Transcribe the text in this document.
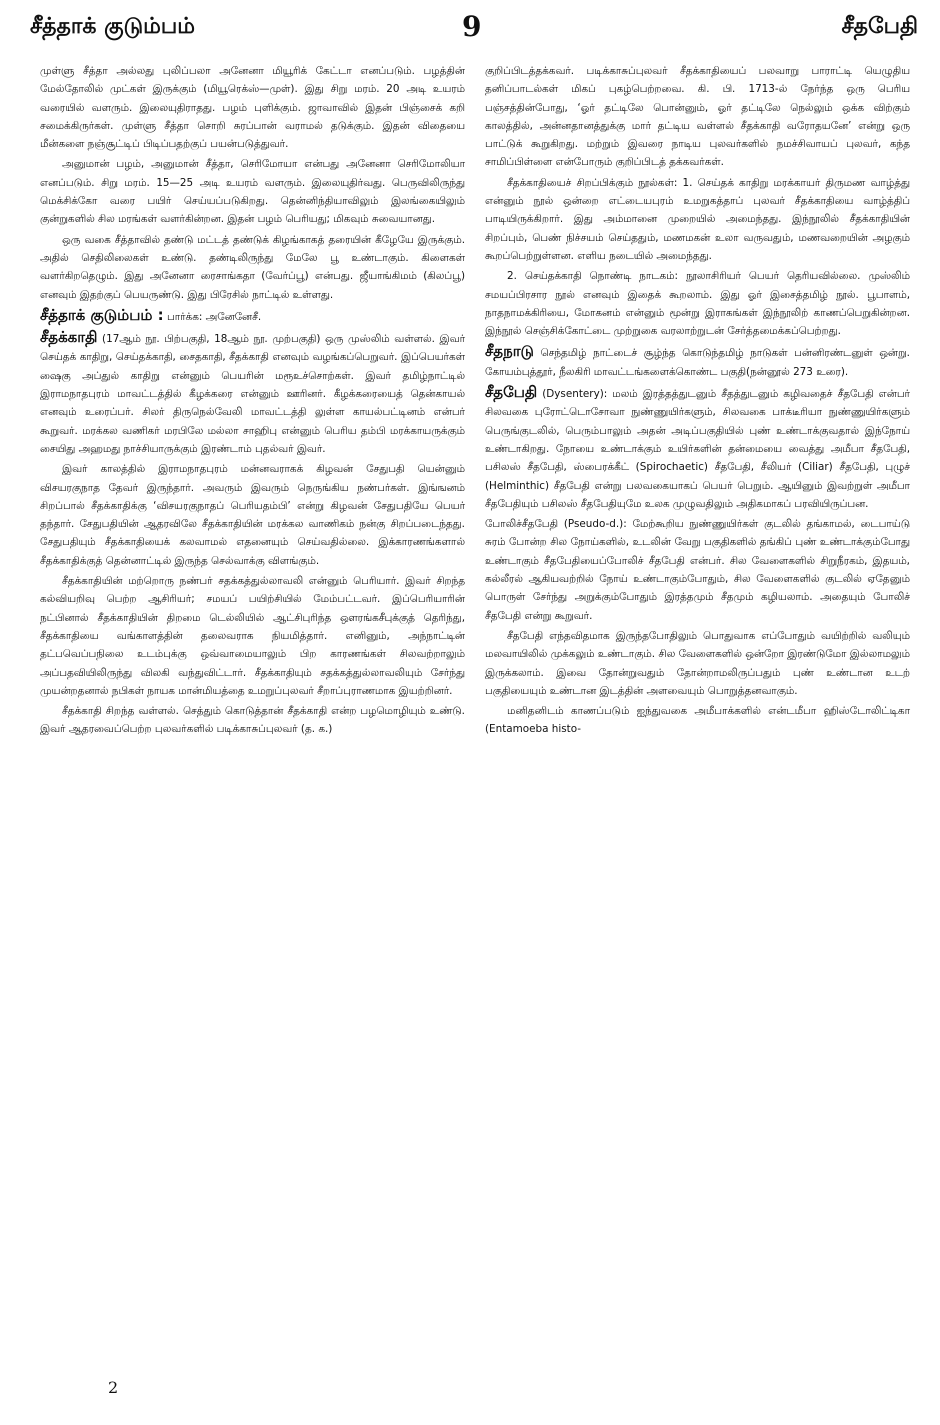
சீத்தாக் குடும்பம்	9	சீதபேதி

முள்ளு சீத்தா அல்லது புலிப்பலா அனேனா மியூரிக் கேட்டா எனப்படும். பழத்தின் மேல்தோலில் முட்கள் இருக்கும் (மியூரெக்ஸ்—முள்). இது சிறு மரம். 20 அடி உயரம் வரையில் வளரும். இலையுதிராதது. பழம் புளிக்கும். ஜாவாவில் இதன் பிஞ்சைக் கறி சமைக்கிருர்கள். முள்ளு சீத்தா சொறி சுரப்பான் வராமல் தடுக்கும். இதன் விதையை மீன்களை நஞ்சூட்டிப் பிடிப்பதற்குப் பயன்படுத்துவர்.

அனுமான் பழம், அனுமான் சீத்தா, செரிமோயா என்பது அனேனா செரிமோலியா எனப்படும். சிறு மரம். 15—25 அடி உயரம் வளரும். இலையுதிர்வது. பெருவிலிருந்து மெக்சிக்கோ வரை பயிர் செய்யப்படுகிறது. தென்னிந்தியாவிலும் இலங்கையிலும் குன்றுகளில் சில மரங்கள் வளர்கின்றன. இதன் பழம் பெரியது; மிகவும் சுவையானது.

ஒரு வகை சீத்தாவில் தண்டு மட்டத் தண்டுக் கிழங்காகத் தரையின் கீழேயே இருக்கும். அதில் செதிலிலைகள் உண்டு. தண்டிலிருந்து மேலே பூ உண்டாகும். கிளைகள் வளர்கிறதெழும். இது அனேனா ரைசாங்கதா (வேர்ப்பூ) என்பது. ஜீயாங்கிமம் (கிலப்பூ) எனவும் இதற்குப் பெயருண்டு. இது பிரேசில் நாட்டில் உள்ளது.

சீத்தாக் குடும்பம் : பார்க்க: அனேனேசீ.

சீதக்காதி (17ஆம் நூ. பிற்பகுதி, 18ஆம் நூ. முற்பகுதி) ஒரு முஸ்லிம் வள்ளல். இவர் செய்தக் காதிறு, செய்தக்காதி, சைதகாதி, சீதக்காதி எனவும் வழங்கப்பெறுவர். இப்பெயர்கள் ஷைகு அப்துல் காதிறு என்னும் பெயரின் மரூஉச்சொற்கள். இவர் தமிழ்நாட்டில் இராமநாதபுரம் மாவட்டத்தில் கீழக்கரை என்னும் ஊரினர். கீழக்கரையைத் தென்காயல் எனவும் உரைப்பர். சிலர் திருநெல்வேலி மாவட்டத்தி லுள்ள காயல்பட்டினம் என்பர் கூறுவர். மரக்கல வணிகர் மரபிலே மல்லா சாஹிபு என்னும் பெரிய தம்பி மரக்காயருக்கும் சையிது அஹமது நாச்சியாருக்கும் இரண்டாம் புதல்வர் இவர்.

இவர் காலத்தில் இராமநாதபுரம் மன்னவராகக் கிழவன் சேதுபதி யென்னும் விசயரகுநாத தேவர் இருந்தார். அவரும் இவரும் நெருங்கிய நண்பர்கள். இங்ஙனம் சிறப்பால் சீதக்காதிக்கு ‘விசயரகுநாதப் பெரியதம்பி’ என்று கிழவன் சேதுபதியே பெயர் தந்தார். சேதுபதியின் ஆதரவிலே சீதக்காதியின் மரக்கல வாணிகம் நன்கு சிறப்படைந்தது. சேதுபதியும் சீதக்காதியைக் கலவாமல் எதனையும் செய்வதில்லை. இக்காரணங்களால் சீதக்காதிக்குத் தென்னாட்டில் இருந்த செல்வாக்கு விளங்கும்.

சீதக்காதியின் மற்றொரு நண்பர் சதக்கத்துல்லாவலி என்னும் பெரியார். இவர் சிறந்த கல்வியறிவு பெற்ற ஆசிரியர்; சமயப் பயிற்சியில் மேம்பட்டவர். இப்பெரியாரின் நட்பினால் சீதக்காதியின் திறமை டெல்லியில் ஆட்சிபுரிந்த ஔரங்கசீபுக்குத் தெரிந்து, சீதக்காதியை வங்காளத்தின் தலைவராக நியமித்தார். எனினும், அந்நாட்டின் தட்பவெப்பநிலை உடம்புக்கு ஒவ்வாமையாலும் பிற காரணங்கள் சிலவற்றாலும் அப்பதவியிலிருந்து விலகி வந்துவிட்டார். சீதக்காதியும் சதக்கத்துல்லாவலியும் சேர்ந்து முயன்றதனால் நபிகள் நாயக மான்மியத்தை உமறுப்புலவர் சீறாப்புராணமாக இயற்றினர்.

சீதக்காதி சிறந்த வள்ளல். செத்தும் கொடுத்தான் சீதக்காதி என்ற பழமொழியும் உண்டு. இவர் ஆதரவைப்பெற்ற புலவர்களில் படிக்காசுப்புலவர் (த. க.)

குறிப்பிடத்தக்கவர். படிக்காசுப்புலவர் சீதக்காதியைப் பலவாறு பாராட்டி யெழுதிய தனிப்பாடல்கள் மிகப் புகழ்பெற்றவை. கி. பி. 1713-ல் நேர்ந்த ஒரு பெரிய பஞ்சத்தின்போது, ‘ஓர் தட்டிலே பொன்னும், ஓர் தட்டிலே நெல்லும் ஒக்க விற்கும் காலத்தில், அன்னதானத்துக்கு மார் தட்டிய வள்ளல் சீதக்காதி வரோதயனே’ என்று ஒரு பாட்டுக் கூறுகிறது. மற்றும் இவரை நாடிய புலவர்களில் நமச்சிவாயப் புலவர், கந்த சாமிப்பிள்ளை என்போரும் குறிப்பிடத் தக்கவர்கள்.

சீதக்காதியைச் சிறப்பிக்கும் நூல்கள்: 1. செய்தக் காதிறு மரக்காயர் திருமண வாழ்த்து என்னும் நூல் ஒன்றை எட்டையபுரம் உமறுகத்தாப் புலவர் சீதக்காதியை வாழ்த்திப் பாடியிருக்கிறார். இது அம்மானை முறையில் அமைந்தது. இந்நூலில் சீதக்காதியின் சிறப்பும், பெண் நிச்சயம் செய்ததும், மணமகன் உலா வருவதும், மணவறையின் அழகும் கூறப்பெற்றுள்ளன. எளிய நடையில் அமைந்தது.

2. செய்தக்காதி நொண்டி நாடகம்: நூலாசிரியர் பெயர் தெரியவில்லை. முஸ்லிம் சமயப்பிரசார நூல் எனவும் இதைக் கூறலாம். இது ஓர் இசைத்தமிழ் நூல். பூபாளம், நாதநாமக்கிரியை, மோகனம் என்னும் மூன்று இராகங்கள் இந்நூலிற் காணப்பெறுகின்றன. இந்நூல் செஞ்சிக்கோட்டை முற்றுகை வரலாற்றுடன் சேர்த்தமைக்கப்பெற்றது.

சீதநாடு செந்தமிழ் நாட்டைச் சூழ்ந்த கொடுந்தமிழ் நாடுகள் பன்னிரண்டனுள் ஒன்று. கோயம்புத்தூர், நீலகிரி மாவட்டங்களைக்கொண்ட பகுதி(நன்னூல் 273 உரை).

சீதபேதி (Dysentery): மலம் இரத்தத்துடனும் சீதத்துடனும் கழிவதைச் சீதபேதி என்பர் சிலவகை புரோட்டொசோவா நுண்ணுயிர்களும், சிலவகை பாக்டீரியா நுண்ணுயிர்களும் பெருங்குடலில், பெரும்பாலும் அதன் அடிப்பகுதியில் புண் உண்டாக்குவதால் இந்நோய் உண்டாகிறது. நோயை உண்டாக்கும் உயிர்களின் தன்மையை வைத்து அமீபா சீதபேதி, பசிலஸ் சீதபேதி, ஸ்பைரக்கீட் (Spirochaetic) சீதபேதி, சீலியர் (Ciliar) சீதபேதி, புழுச் (Helminthic) சீதபேதி என்று பலவகையாகப் பெயர் பெறும். ஆயினும் இவற்றுள் அமீபா சீதபேதியும் பசிலஸ் சீதபேதியுமே உலக முழுவதிலும் அதிகமாகப் பரவியிருப்பன.

போலிச்சீதபேதி (Pseudo-d.): மேற்கூறிய நுண்ணுயிர்கள் குடலில் தங்காமல், டைபாய்டு சுரம் போன்ற சில நோய்களில், உடலின் வேறு பகுதிகளில் தங்கிப் புண் உண்டாக்கும்போது உண்டாகும் சீதபேதியைப்போலிச் சீதபேதி என்பர். சில வேளைகளில் சிறுநீரகம், இதயம், கல்லீரல் ஆகியவற்றில் நோய் உண்டாகும்போதும், சில வேளைகளில் குடலில் ஏதேனும் பொருள் சேர்ந்து அறுக்கும்போதும் இரத்தமும் சீதமும் கழியலாம். அதையும் போலிச் சீதபேதி என்று கூறுவர்.

சீதபேதி எந்தவிதமாக இருந்தபோதிலும் பொதுவாக எப்போதும் வயிற்றில் வலியும் மலவாயிலில் முக்கலும் உண்டாகும். சில வேளைகளில் ஒன்றோ இரண்டுமோ இல்லாமலும் இருக்கலாம். இவை தோன்றுவதும் தோன்றாமலிருப்பதும் புண் உண்டான உடற் பகுதியையும் உண்டான இடத்தின் அளவையும் பொறுத்தனவாகும்.

மனிதனிடம் காணப்படும் ஐந்துவகை அமீபாக்களில் என்டமீபா ஹிஸ்டோலிட்டிகா (Entamoeba histo-

2
